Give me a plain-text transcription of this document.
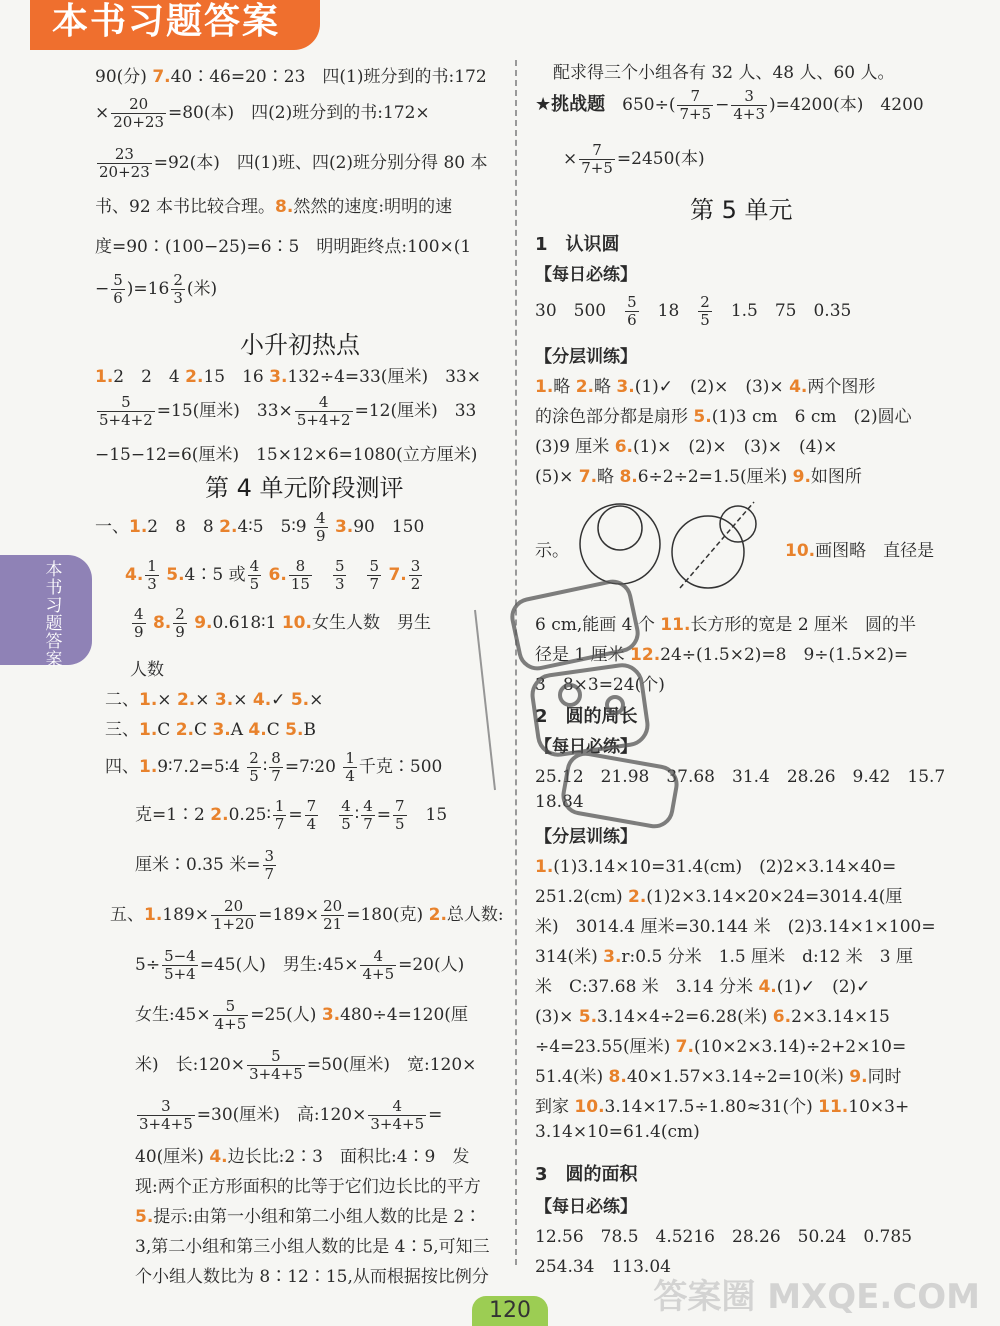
本书习题答案
本书习题答案
90(分) 7.40∶46=20∶23　四(1)班分到的书:172
× $\frac{20}{20+23} =80$(本)　四(2)班分到的书:172×
$\frac{23}{20+23} =92$(本)　四(1)班、四(2)班分别分得 80 本
书、92 本书比较合理。8.然然的速度:明明的速
度=90∶(100−25)=6∶5　明明距终点:100×(1
− $\frac{5}{6} )=16 \frac{2}{3}$ (米)
小升初热点
1.2　2　4 2.15　16 3.132÷4=33(厘米)　33×
$\frac{5}{5+4+2} =15$(厘米)　$33\times \frac{4}{5+4+2} =12$(厘米)　33
−15−12=6(厘米)　15×12×6=1080(立方厘米)
第 4 单元阶段测评
一、1.2　8　8 2.4∶5　5∶9 $\frac{4}{9} 3.90$　150
4. $\frac{1}{3}$ 5.4∶5 或 $\frac{4}{5} 6$. $\frac{8}{15}$
　 $\frac{5}{3}$
　 $\frac{5}{7} 7$. $\frac{3}{2}$
$\frac{4}{9} 8$. $\frac{2}{9}$ 9.0.618∶1 10.女生人数　男生
人数
二、1.× 2.× 3.× 4.✓ 5.×
三、1.C 2.C 3.A 4.C 5.B
四、1.9∶7.2=5∶4 $\frac{2}{5}$ ∶ $\frac{8}{7}$ =7∶20 $\frac{1}{4}$ 千克∶500
克=1∶2 2.0.25∶ $\frac{1}{7} = \frac{7}{4}$
　 $\frac{4}{5}$ ∶ $\frac{4}{7} = \frac{7}{5}$
　 15
厘米∶0.35 米= $\frac{3}{7}$
五、$1.189\times \frac{20}{1+20} =189\times \frac{20}{21} =180$(克) 2.总人数:
$5\div \frac{5-4}{5+4} =45$(人)　男生:45× $\frac{4}{4+5} =20$(人)
女生:45× $\frac{5}{4+5} =25$(人) 3.480÷4=120(厘
米)　长:120× $\frac{5}{3+4+5} =50$(厘米)　宽:120×
$\frac{3}{3+4+5} =30$(厘米)　高:120× $\frac{4}{3+4+5}$ =
40(厘米) 4.边长比:2∶3　面积比:4∶9　发
现:两个正方形面积的比等于它们边长比的平方
5.提示:由第一小组和第二小组人数的比是 2∶
3,第二小组和第三小组人数的比是 4∶5,可知三
个小组人数比为 8∶12∶15,从而根据按比例分
配求得三个小组各有 32 人、48 人、60 人。
★挑战题　 $650\div( \frac{7}{7+5} - \frac{3}{4+3} )=4200$(本)　4200
× $\frac{7}{7+5} =2450$(本)
第 5 单元
1　认识圆
【每日必练】
30　500　 $\frac{5}{6}$
　 18　 $\frac{2}{5}$
　 1.5　75　0.35
【分层训练】
1.略 2.略 3.(1)✓　(2)×　(3)× 4.两个图形
的涂色部分都是扇形 5.(1)3 cm　6 cm　(2)圆心
(3)9 厘米 6.(1)×　(2)×　(3)×　(4)×
(5)× 7.略 8.6÷2÷2=1.5(厘米) 9.如图所
示。	10.画图略　直径是
6 cm,能画 4 个 11.长方形的宽是 2 厘米　圆的半
径是 1 厘米 12.24÷(1.5×2)=8　9÷(1.5×2)=
3　8×3=24(个)
2　圆的周长
【每日必练】
25.12　21.98　37.68　31.4　28.26　9.42　15.7
18.84
【分层训练】
1.(1)3.14×10=31.4(cm)　(2)2×3.14×40=
251.2(cm) 2.(1)2×3.14×20×24=3014.4(厘
米)　3014.4 厘米=30.144 米　(2)3.14×1×100=
314(米) 3.r:0.5 分米　1.5 厘米　d:12 米　3 厘
米　C:37.68 米　3.14 分米 4.(1)✓　(2)✓
(3)× 5.3.14×4÷2=6.28(米) 6.2×3.14×15
÷4=23.55(厘米) 7.(10×2×3.14)÷2+2×10=
51.4(米) 8.40×1.57×3.14÷2=10(米) 9.同时
到家 10.3.14×17.5÷1.80≈31(个) 11.10×3+
3.14×10=61.4(cm)
3　圆的面积
【每日必练】
12.56　78.5　4.5216　28.26　50.24　0.785
254.34　113.04
120	答案圈 MXQE.COM
